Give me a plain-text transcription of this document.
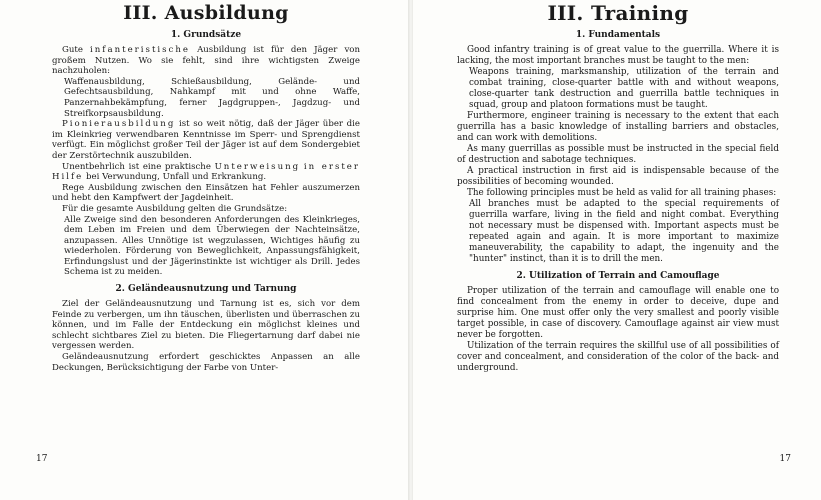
III. Ausbildung
1. Grundsätze

Gute infanteristische Ausbildung ist für den Jäger von großem Nutzen. Wo sie fehlt, sind ihre wichtigsten Zweige nachzuholen:

Waffenausbildung, Schießausbildung, Gelände- und Gefechtsausbildung, Nahkampf mit und ohne Waffe, Panzernahbekämpfung, ferner Jagdgruppen-, Jagdzug- und Streifkorpsausbildung.

Pionierausbildung ist so weit nötig, daß der Jäger über die im Kleinkrieg verwendbaren Kenntnisse im Sperr- und Sprengdienst verfügt. Ein möglichst großer Teil der Jäger ist auf dem Sondergebiet der Zerstörtechnik auszubilden.

Unentbehrlich ist eine praktische Unterweisung in erster Hilfe bei Verwundung, Unfall und Erkrankung.

Rege Ausbildung zwischen den Einsätzen hat Fehler auszumerzen und hebt den Kampfwert der Jagdeinheit.

Für die gesamte Ausbildung gelten die Grundsätze:

Alle Zweige sind den besonderen Anforderungen des Kleinkrieges, dem Leben im Freien und dem Überwiegen der Nachteinsätze, anzupassen. Alles Unnötige ist wegzulassen, Wichtiges häufig zu wiederholen. Förderung von Beweglichkeit, Anpassungsfähigkeit, Erfindungslust und der Jägerinstinkte ist wichtiger als Drill. Jedes Schema ist zu meiden.

2. Geländeausnutzung und Tarnung

Ziel der Geländeausnutzung und Tarnung ist es, sich vor dem Feinde zu verbergen, um ihn täuschen, überlisten und überraschen zu können, und im Falle der Entdeckung ein möglichst kleines und schlecht sichtbares Ziel zu bieten. Die Fliegertarnung darf dabei nie vergessen werden.

Geländeausnutzung erfordert geschicktes Anpassen an alle Deckungen, Berücksichtigung der Farbe von Unter-

17
III. Training
1. Fundamentals

Good infantry training is of great value to the guerrilla. Where it is lacking, the most important branches must be taught to the men:

Weapons training, marksmanship, utilization of the terrain and combat training, close-quarter battle with and without weapons, close-quarter tank destruction and guerrilla battle techniques in squad, group and platoon formations must be taught.

Furthermore, engineer training is necessary to the extent that each guerrilla has a basic knowledge of installing barriers and obstacles, and can work with demolitions.

As many guerrillas as possible must be instructed in the special field of destruction and sabotage techniques.

A practical instruction in first aid is indispensable because of the possibilities of becoming wounded.

The following principles must be held as valid for all training phases:

All branches must be adapted to the special requirements of guerrilla warfare, living in the field and night combat. Everything not necessary must be dispensed with. Important aspects must be repeated again and again. It is more important to maximize maneuverability, the capability to adapt, the ingenuity and the "hunter" instinct, than it is to drill the men.

2. Utilization of Terrain and Camouflage

Proper utilization of the terrain and camouflage will enable one to find concealment from the enemy in order to deceive, dupe and surprise him. One must offer only the very smallest and poorly visible target possible, in case of discovery. Camouflage against air view must never be forgotten.

Utilization of the terrain requires the skillful use of all possibilities of cover and concealment, and consideration of the color of the back- and underground.

17
